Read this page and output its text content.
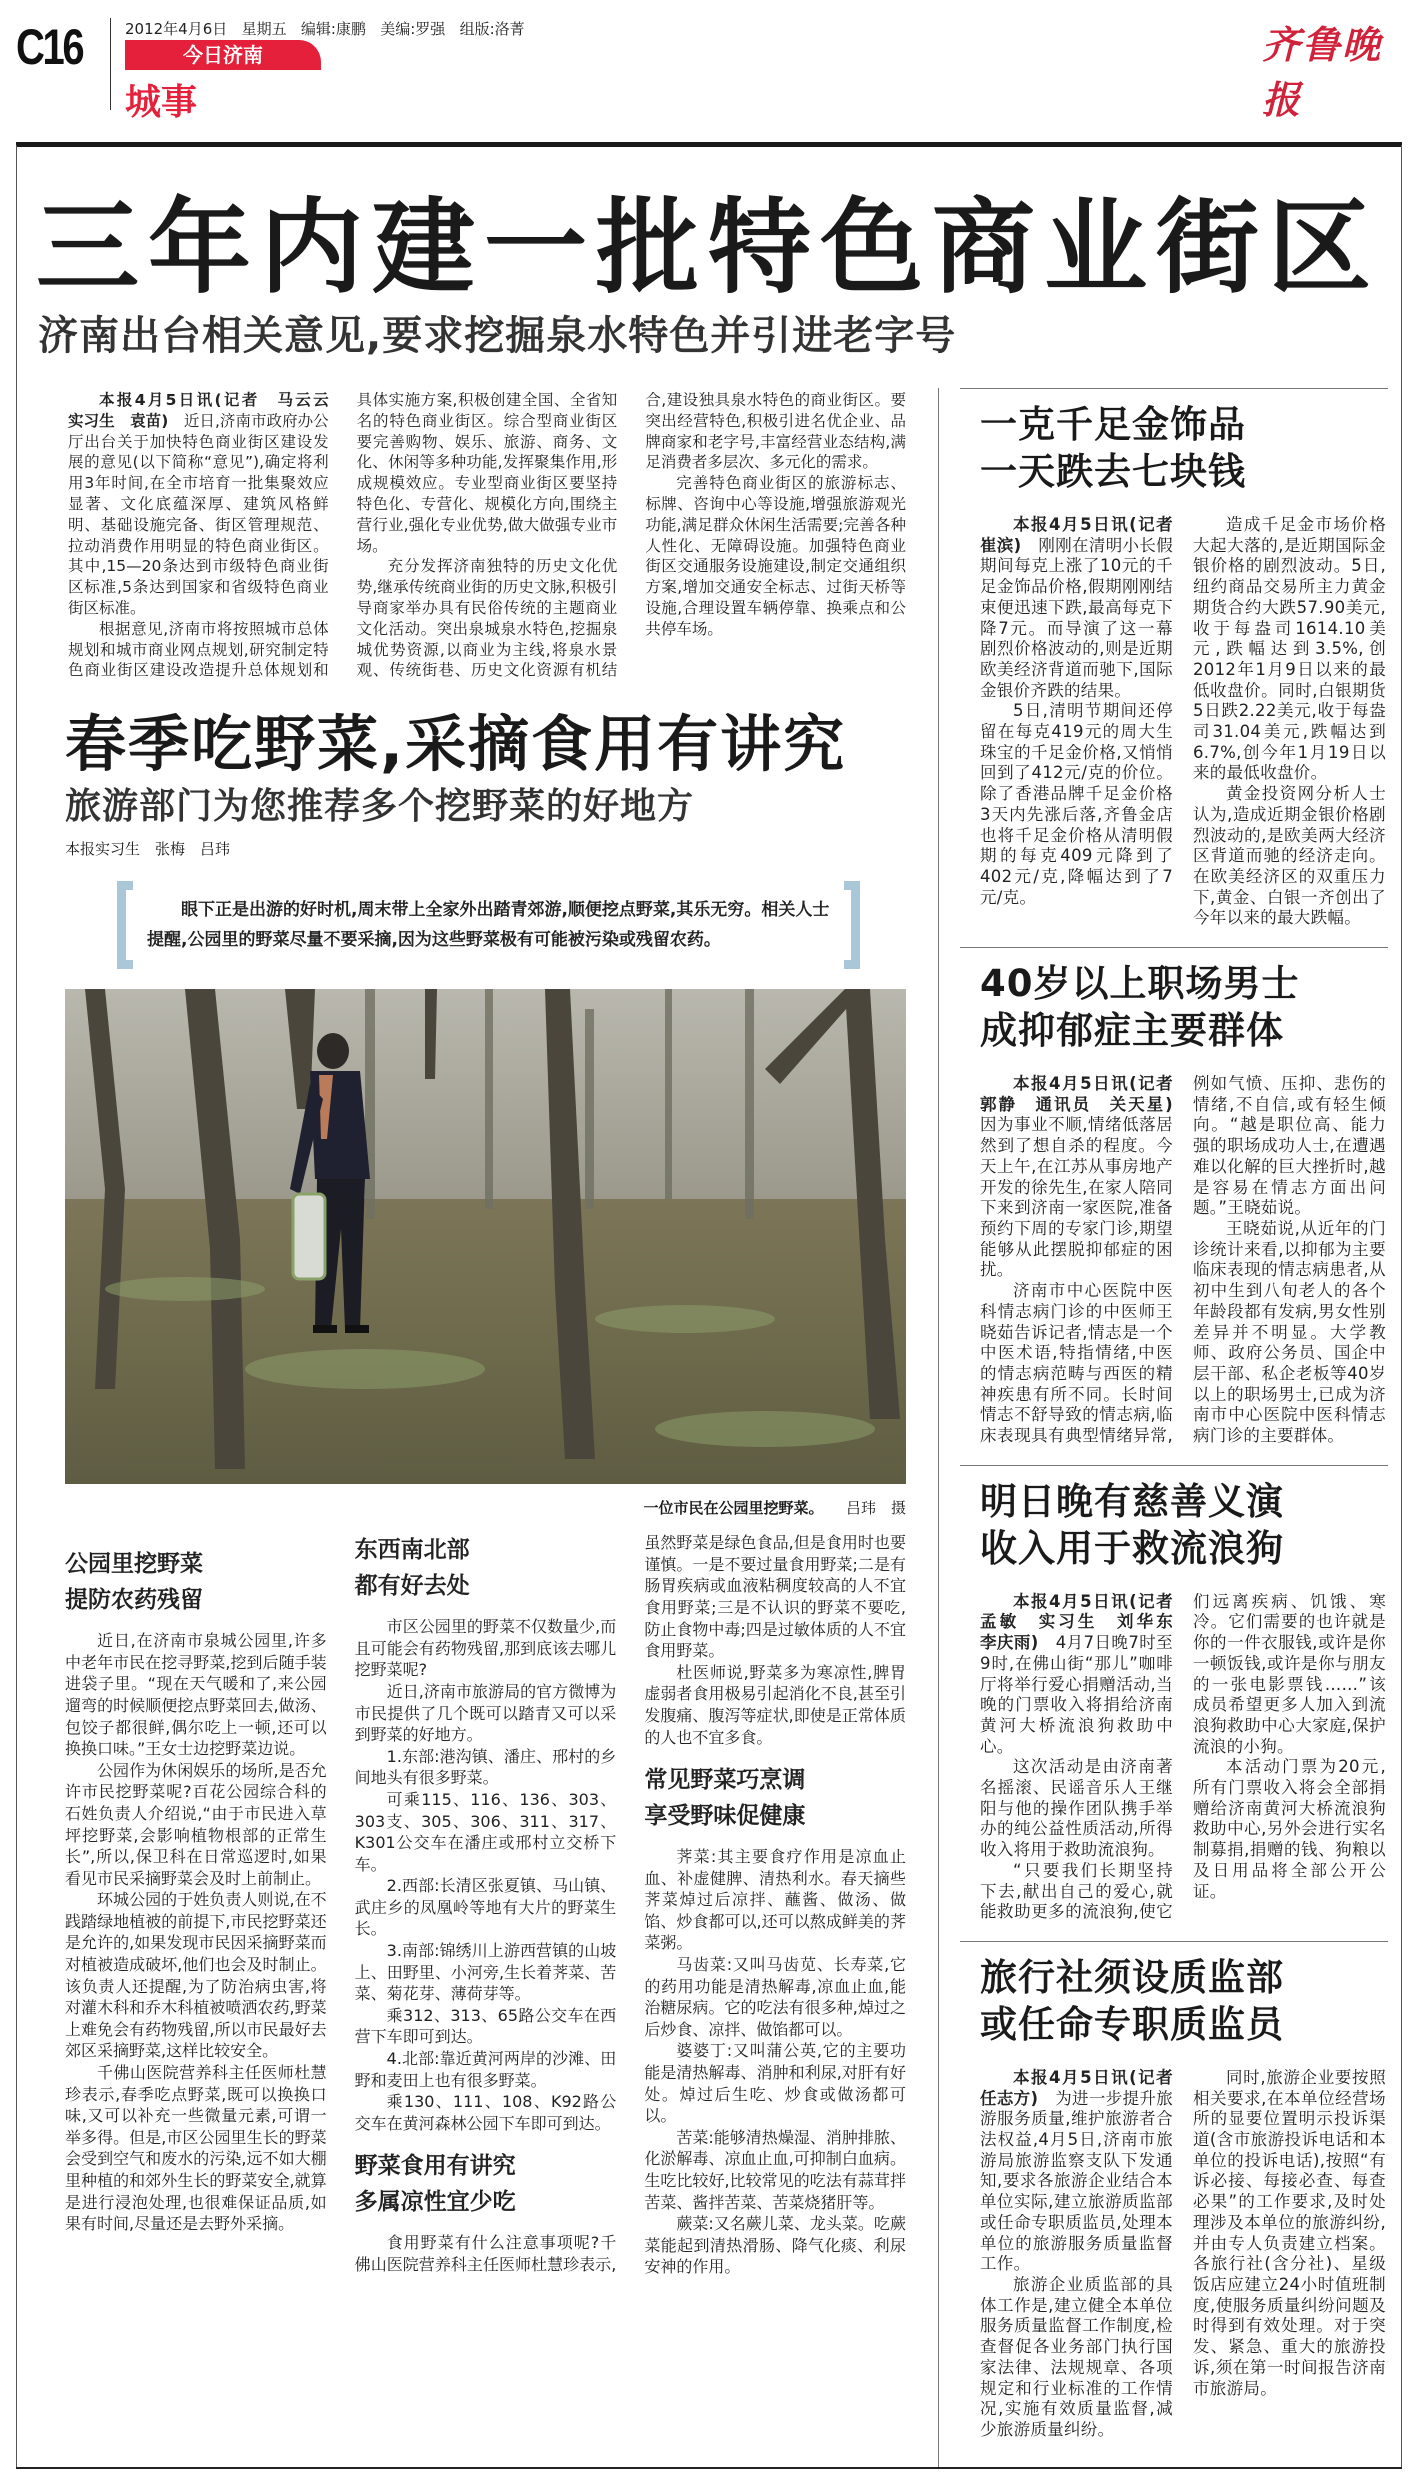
C16	2012年4月6日   星期五   编辑:康鹏   美编:罗强   组版:洛菁
今日济南
城事
齐鲁晚报
三年内建一批特色商业街区
济南出台相关意见,要求挖掘泉水特色并引进老字号

本报4月5日讯(记者　马云云　实习生　袁苗)　近日,济南市政府办公厅出台关于加快特色商业街区建设发展的意见(以下简称“意见”),确定将利用3年时间,在全市培育一批集聚效应显著、文化底蕴深厚、建筑风格鲜明、基础设施完备、街区管理规范、拉动消费作用明显的特色商业街区。其中,15—20条达到市级特色商业街区标准,5条达到国家和省级特色商业街区标准。

根据意见,济南市将按照城市总体规划和城市商业网点规划,研究制定特色商业街区建设改造提升总体规划和具体实施方案,积极创建全国、全省知名的特色商业街区。综合型商业街区要完善购物、娱乐、旅游、商务、文化、休闲等多种功能,发挥聚集作用,形成规模效应。专业型商业街区要坚持特色化、专营化、规模化方向,围绕主营行业,强化专业优势,做大做强专业市场。

充分发挥济南独特的历史文化优势,继承传统商业街的历史文脉,积极引导商家举办具有民俗传统的主题商业文化活动。突出泉城泉水特色,挖掘泉城优势资源,以商业为主线,将泉水景观、传统街巷、历史文化资源有机结合,建设独具泉水特色的商业街区。要突出经营特色,积极引进名优企业、品牌商家和老字号,丰富经营业态结构,满足消费者多层次、多元化的需求。

完善特色商业街区的旅游标志、标牌、咨询中心等设施,增强旅游观光功能,满足群众休闲生活需要;完善各种人性化、无障碍设施。加强特色商业街区交通服务设施建设,制定交通组织方案,增加交通安全标志、过街天桥等设施,合理设置车辆停靠、换乘点和公共停车场。

春季吃野菜,采摘食用有讲究
旅游部门为您推荐多个挖野菜的好地方
本报实习生　张梅　吕玮

眼下正是出游的好时机,周末带上全家外出踏青郊游,顺便挖点野菜,其乐无穷。相关人士提醒,公园里的野菜尽量不要采摘,因为这些野菜极有可能被污染或残留农药。

一位市民在公园里挖野菜。　　吕玮　摄
公园里挖野菜
提防农药残留

近日,在济南市泉城公园里,许多中老年市民在挖寻野菜,挖到后随手装进袋子里。“现在天气暖和了,来公园遛弯的时候顺便挖点野菜回去,做汤、包饺子都很鲜,偶尔吃上一顿,还可以换换口味。”王女士边挖野菜边说。

公园作为休闲娱乐的场所,是否允许市民挖野菜呢?百花公园综合科的石姓负责人介绍说,“由于市民进入草坪挖野菜,会影响植物根部的正常生长”,所以,保卫科在日常巡逻时,如果看见市民采摘野菜会及时上前制止。

环城公园的于姓负责人则说,在不践踏绿地植被的前提下,市民挖野菜还是允许的,如果发现市民因采摘野菜而对植被造成破坏,他们也会及时制止。该负责人还提醒,为了防治病虫害,将对灌木科和乔木科植被喷洒农药,野菜上难免会有药物残留,所以市民最好去郊区采摘野菜,这样比较安全。

千佛山医院营养科主任医师杜慧珍表示,春季吃点野菜,既可以换换口味,又可以补充一些微量元素,可谓一举多得。但是,市区公园里生长的野菜会受到空气和废水的污染,远不如大棚里种植的和郊外生长的野菜安全,就算是进行浸泡处理,也很难保证品质,如果有时间,尽量还是去野外采摘。

东西南北部
都有好去处

市区公园里的野菜不仅数量少,而且可能会有药物残留,那到底该去哪儿挖野菜呢?

近日,济南市旅游局的官方微博为市民提供了几个既可以踏青又可以采到野菜的好地方。

1.东部:港沟镇、潘庄、邢村的乡间地头有很多野菜。

可乘115、116、136、303、303支、305、306、311、317、K301公交车在潘庄或邢村立交桥下车。

2.西部:长清区张夏镇、马山镇、武庄乡的凤凰岭等地有大片的野菜生长。

3.南部:锦绣川上游西营镇的山坡上、田野里、小河旁,生长着荠菜、苦菜、菊花芽、薄荷芽等。

乘312、313、65路公交车在西营下车即可到达。

4.北部:靠近黄河两岸的沙滩、田野和麦田上也有很多野菜。

乘130、111、108、K92路公交车在黄河森林公园下车即可到达。

野菜食用有讲究
多属凉性宜少吃

食用野菜有什么注意事项呢?千佛山医院营养科主任医师杜慧珍表示,虽然野菜是绿色食品,但是食用时也要谨慎。一是不要过量食用野菜;二是有肠胃疾病或血液粘稠度较高的人不宜食用野菜;三是不认识的野菜不要吃,防止食物中毒;四是过敏体质的人不宜食用野菜。

杜医师说,野菜多为寒凉性,脾胃虚弱者食用极易引起消化不良,甚至引发腹痛、腹泻等症状,即使是正常体质的人也不宜多食。

常见野菜巧烹调
享受野味促健康

荠菜:其主要食疗作用是凉血止血、补虚健脾、清热利水。春天摘些荠菜焯过后凉拌、蘸酱、做汤、做馅、炒食都可以,还可以熬成鲜美的荠菜粥。

马齿菜:又叫马齿苋、长寿菜,它的药用功能是清热解毒,凉血止血,能治糖尿病。它的吃法有很多种,焯过之后炒食、凉拌、做馅都可以。

婆婆丁:又叫蒲公英,它的主要功能是清热解毒、消肿和利尿,对肝有好处。焯过后生吃、炒食或做汤都可以。

苦菜:能够清热燥湿、消肿排脓、化淤解毒、凉血止血,可抑制白血病。生吃比较好,比较常见的吃法有蒜茸拌苦菜、酱拌苦菜、苦菜烧猪肝等。

蕨菜:又名蕨儿菜、龙头菜。吃蕨菜能起到清热滑肠、降气化痰、利尿安神的作用。

一克千足金饰品
一天跌去七块钱

本报4月5日讯(记者　崔滨)　刚刚在清明小长假期间每克上涨了10元的千足金饰品价格,假期刚刚结束便迅速下跌,最高每克下降7元。而导演了这一幕剧烈价格波动的,则是近期欧美经济背道而驰下,国际金银价齐跌的结果。

5日,清明节期间还停留在每克419元的周大生珠宝的千足金价格,又悄悄回到了412元/克的价位。除了香港品牌千足金价格3天内先涨后落,齐鲁金店也将千足金价格从清明假期的每克409元降到了402元/克,降幅达到了7元/克。

造成千足金市场价格大起大落的,是近期国际金银价格的剧烈波动。5日,纽约商品交易所主力黄金期货合约大跌57.90美元,收于每盎司1614.10美元,跌幅达到3.5%,创2012年1月9日以来的最低收盘价。同时,白银期货5日跌2.22美元,收于每盎司31.04美元,跌幅达到6.7%,创今年1月19日以来的最低收盘价。

黄金投资网分析人士认为,造成近期金银价格剧烈波动的,是欧美两大经济区背道而驰的经济走向。在欧美经济区的双重压力下,黄金、白银一齐创出了今年以来的最大跌幅。

40岁以上职场男士
成抑郁症主要群体

本报4月5日讯(记者　郭静　通讯员　关天星)　因为事业不顺,情绪低落居然到了想自杀的程度。今天上午,在江苏从事房地产开发的徐先生,在家人陪同下来到济南一家医院,准备预约下周的专家门诊,期望能够从此摆脱抑郁症的困扰。

济南市中心医院中医科情志病门诊的中医师王晓茹告诉记者,情志是一个中医术语,特指情绪,中医的情志病范畴与西医的精神疾患有所不同。长时间情志不舒导致的情志病,临床表现具有典型情绪异常,例如气愤、压抑、悲伤的情绪,不自信,或有轻生倾向。“越是职位高、能力强的职场成功人士,在遭遇难以化解的巨大挫折时,越是容易在情志方面出问题。”王晓茹说。

王晓茹说,从近年的门诊统计来看,以抑郁为主要临床表现的情志病患者,从初中生到八旬老人的各个年龄段都有发病,男女性别差异并不明显。大学教师、政府公务员、国企中层干部、私企老板等40岁以上的职场男士,已成为济南市中心医院中医科情志病门诊的主要群体。

明日晚有慈善义演
收入用于救流浪狗

本报4月5日讯(记者　孟敏　实习生　刘华东　李庆雨)　4月7日晚7时至9时,在佛山街“那儿”咖啡厅将举行爱心捐赠活动,当晚的门票收入将捐给济南黄河大桥流浪狗救助中心。

这次活动是由济南著名摇滚、民谣音乐人王继阳与他的操作团队携手举办的纯公益性质活动,所得收入将用于救助流浪狗。

“只要我们长期坚持下去,献出自己的爱心,就能救助更多的流浪狗,使它们远离疾病、饥饿、寒冷。它们需要的也许就是你的一件衣服钱,或许是你一顿饭钱,或许是你与朋友的一张电影票钱……”该成员希望更多人加入到流浪狗救助中心大家庭,保护流浪的小狗。

本活动门票为20元,所有门票收入将会全部捐赠给济南黄河大桥流浪狗救助中心,另外会进行实名制募捐,捐赠的钱、狗粮以及日用品将全部公开公证。

旅行社须设质监部
或任命专职质监员

本报4月5日讯(记者　任志方)　为进一步提升旅游服务质量,维护旅游者合法权益,4月5日,济南市旅游局旅游监察支队下发通知,要求各旅游企业结合本单位实际,建立旅游质监部或任命专职质监员,处理本单位的旅游服务质量监督工作。

旅游企业质监部的具体工作是,建立健全本单位服务质量监督工作制度,检查督促各业务部门执行国家法律、法规规章、各项规定和行业标准的工作情况,实施有效质量监督,减少旅游质量纠纷。

同时,旅游企业要按照相关要求,在本单位经营场所的显要位置明示投诉渠道(含市旅游投诉电话和本单位的投诉电话),按照“有诉必接、每接必查、每查必果”的工作要求,及时处理涉及本单位的旅游纠纷,并由专人负责建立档案。各旅行社(含分社)、星级饭店应建立24小时值班制度,使服务质量纠纷问题及时得到有效处理。对于突发、紧急、重大的旅游投诉,须在第一时间报告济南市旅游局。
